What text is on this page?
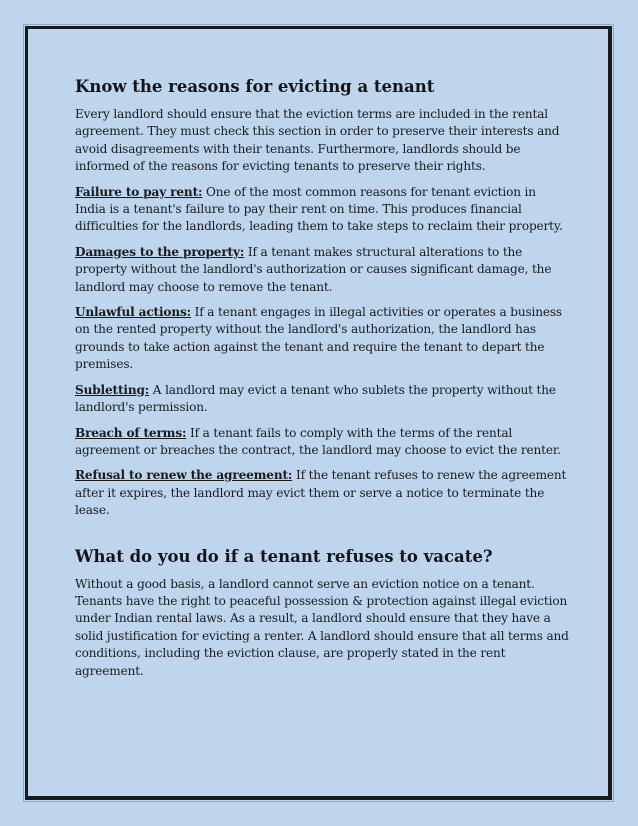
Know the reasons for evicting a tenant

Every landlord should ensure that the eviction terms are included in the rental agreement. They must check this section in order to preserve their interests and avoid disagreements with their tenants. Furthermore, landlords should be informed of the reasons for evicting tenants to preserve their rights.

Failure to pay rent: One of the most common reasons for tenant eviction in India is a tenant's failure to pay their rent on time. This produces financial difficulties for the landlords, leading them to take steps to reclaim their property.

Damages to the property: If a tenant makes structural alterations to the property without the landlord's authorization or causes significant damage, the landlord may choose to remove the tenant.

Unlawful actions: If a tenant engages in illegal activities or operates a business on the rented property without the landlord's authorization, the landlord has grounds to take action against the tenant and require the tenant to depart the premises.

Subletting: A landlord may evict a tenant who sublets the property without the landlord's permission.

Breach of terms: If a tenant fails to comply with the terms of the rental agreement or breaches the contract, the landlord may choose to evict the renter.

Refusal to renew the agreement: If the tenant refuses to renew the agreement after it expires, the landlord may evict them or serve a notice to terminate the lease.

What do you do if a tenant refuses to vacate?

Without a good basis, a landlord cannot serve an eviction notice on a tenant. Tenants have the right to peaceful possession & protection against illegal eviction under Indian rental laws. As a result, a landlord should ensure that they have a solid justification for evicting a renter. A landlord should ensure that all terms and conditions, including the eviction clause, are properly stated in the rent agreement.
